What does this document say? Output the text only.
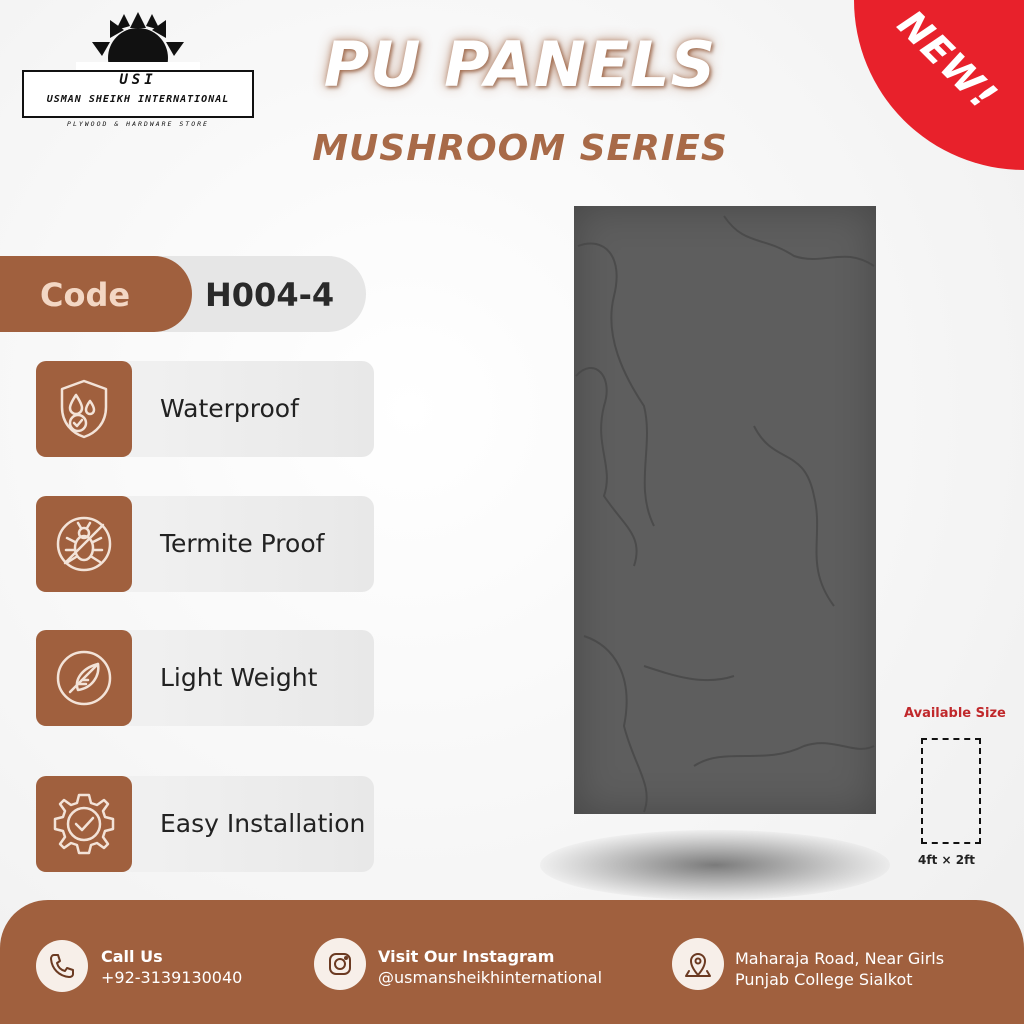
USI
USMAN SHEIKH INTERNATIONAL
PLYWOOD & HARDWARE STORE
NEW!
PU PANELS
MUSHROOM SERIES
Code H004-4
Waterproof
Termite Proof
Light Weight
Easy Installation
Available Size
4ft × 2ft
Call Us
+92-3139130040
Visit Our Instagram
@usmansheikhinternational
Maharaja Road, Near Girls
Punjab College Sialkot
